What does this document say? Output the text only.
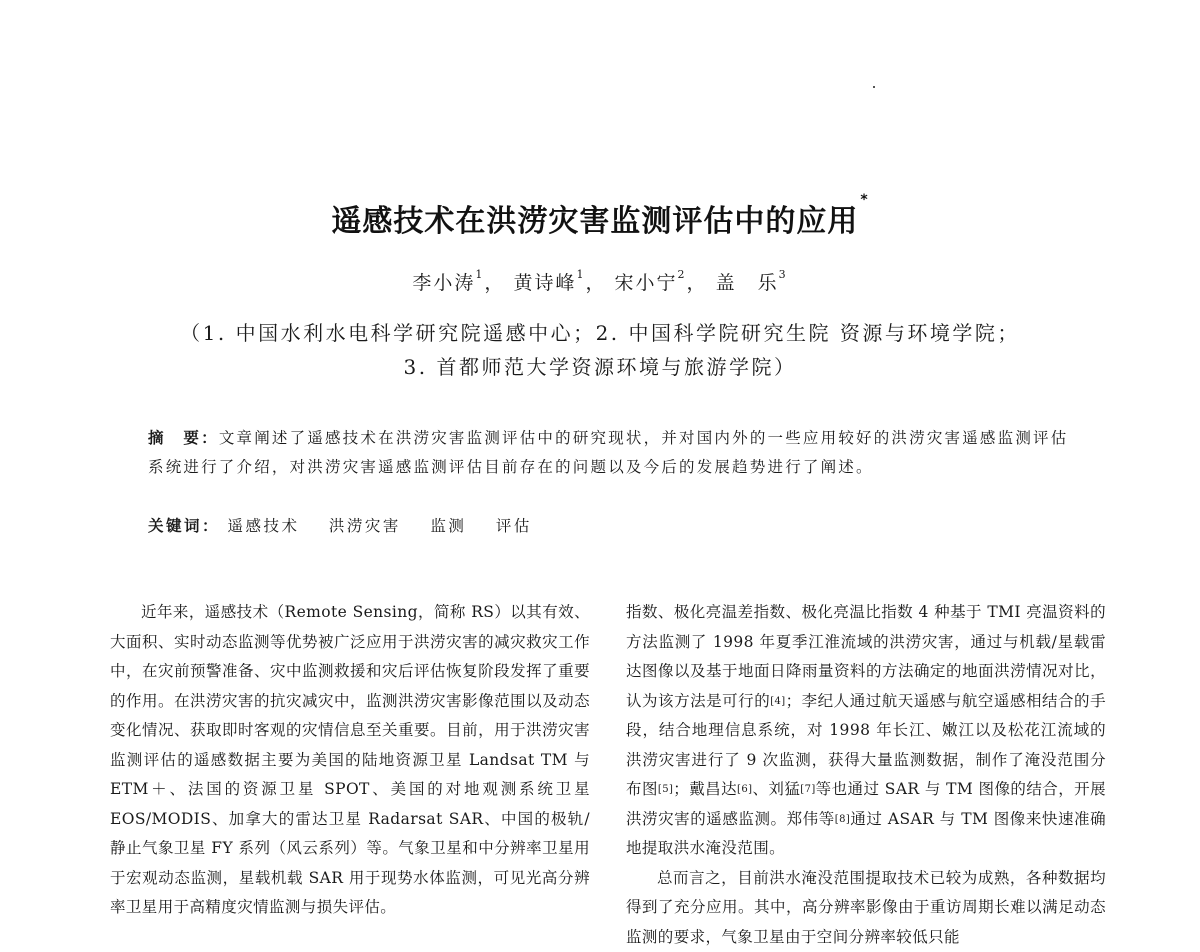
遥感技术在洪涝灾害监测评估中的应用*
李小涛$^1$， 黄诗峰$^1$， 宋小宁$^2$， 盖　乐$^3$
（1. 中国水利水电科学研究院遥感中心；2. 中国科学院研究生院 资源与环境学院；
3. 首都师范大学资源环境与旅游学院）
摘　要：文章阐述了遥感技术在洪涝灾害监测评估中的研究现状，并对国内外的一些应用较好的洪涝灾害遥感监测评估系统进行了介绍，对洪涝灾害遥感监测评估目前存在的问题以及今后的发展趋势进行了阐述。
关键词： 遥感技术 洪涝灾害 监测 评估

近年来，遥感技术（Remote Sensing，简称 RS）以其有效、大面积、实时动态监测等优势被广泛应用于洪涝灾害的减灾救灾工作中，在灾前预警准备、灾中监测救援和灾后评估恢复阶段发挥了重要的作用。在洪涝灾害的抗灾减灾中，监测洪涝灾害影像范围以及动态变化情况、获取即时客观的灾情信息至关重要。目前，用于洪涝灾害监测评估的遥感数据主要为美国的陆地资源卫星 Landsat TM 与 ETM＋、法国的资源卫星 SPOT、美国的对地观测系统卫星 EOS/MODIS、加拿大的雷达卫星 Radarsat SAR、中国的极轨/静止气象卫星 FY 系列（风云系列）等。气象卫星和中分辨率卫星用于宏观动态监测，星载机载 SAR 用于现势水体监测，可见光高分辨率卫星用于高精度灾情监测与损失评估。

指数、极化亮温差指数、极化亮温比指数 4 种基于 TMI 亮温资料的方法监测了 1998 年夏季江淮流域的洪涝灾害，通过与机载/星载雷达图像以及基于地面日降雨量资料的方法确定的地面洪涝情况对比，认为该方法是可行的[4]；李纪人通过航天遥感与航空遥感相结合的手段，结合地理信息系统，对 1998 年长江、嫩江以及松花江流域的洪涝灾害进行了 9 次监测，获得大量监测数据，制作了淹没范围分布图[5]；戴昌达[6]、刘猛[7]等也通过 SAR 与 TM 图像的结合，开展洪涝灾害的遥感监测。郑伟等[8]通过 ASAR 与 TM 图像来快速准确地提取洪水淹没范围。

总而言之，目前洪水淹没范围提取技术已较为成熟，各种数据均得到了充分应用。其中，高分辨率影像由于重访周期长难以满足动态监测的要求，气象卫星由于空间分辨率较低只能
